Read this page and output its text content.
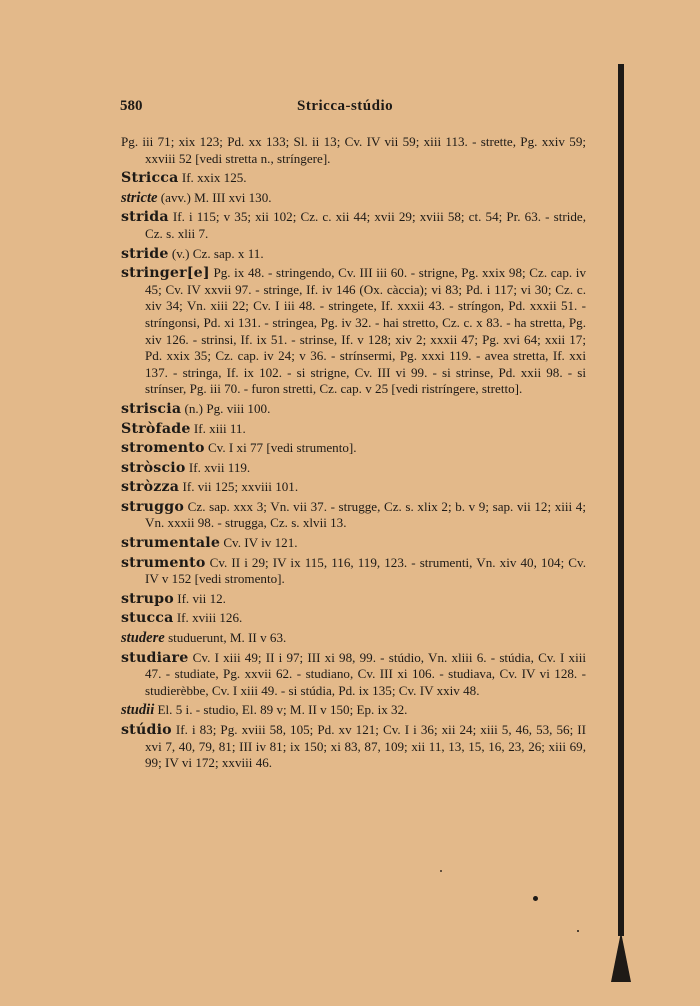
580	Stricca-stúdio

Pg. iii 71; xix 123; Pd. xx 133; Sl. ii 13; Cv. IV vii 59; xiii 113. - strette, Pg. xxiv 59; xxviii 52 [vedi stretta n., stríngere].

Stricca If. xxix 125.

stricte (avv.) M. III xvi 130.

strida If. i 115; v 35; xii 102; Cz. c. xii 44; xvii 29; xviii 58; ct. 54; Pr. 63. - stride, Cz. s. xlii 7.

stride (v.) Cz. sap. x 11.

stringer[e] Pg. ix 48. - stringendo, Cv. III iii 60. - strigne, Pg. xxix 98; Cz. cap. iv 45; Cv. IV xxvii 97. - stringe, If. iv 146 (Ox. càccia); vi 83; Pd. i 117; vi 30; Cz. c. xiv 34; Vn. xiii 22; Cv. I iii 48. - stringete, If. xxxii 43. - stríngon, Pd. xxxii 51. - stríngonsi, Pd. xi 131. - stringea, Pg. iv 32. - hai stretto, Cz. c. x 83. - ha stretta, Pg. xiv 126. - strinsi, If. ix 51. - strinse, If. v 128; xiv 2; xxxii 47; Pg. xvi 64; xxii 17; Pd. xxix 35; Cz. cap. iv 24; v 36. - strínsermi, Pg. xxxi 119. - avea stretta, If. xxi 137. - stringa, If. ix 102. - si strigne, Cv. III vi 99. - si strinse, Pd. xxii 98. - si strínser, Pg. iii 70. - furon stretti, Cz. cap. v 25 [vedi ristríngere, stretto].

striscia (n.) Pg. viii 100.

Stròfade If. xiii 11.

stromento Cv. I xi 77 [vedi strumento].

stròscio If. xvii 119.

stròzza If. vii 125; xxviii 101.

struggo Cz. sap. xxx 3; Vn. vii 37. - strugge, Cz. s. xlix 2; b. v 9; sap. vii 12; xiii 4; Vn. xxxii 98. - strugga, Cz. s. xlvii 13.

strumentale Cv. IV iv 121.

strumento Cv. II i 29; IV ix 115, 116, 119, 123. - strumenti, Vn. xiv 40, 104; Cv. IV v 152 [vedi stromento].

strupo If. vii 12.

stucca If. xviii 126.

studere studuerunt, M. II v 63.

studiare Cv. I xiii 49; II i 97; III xi 98, 99. - stúdio, Vn. xliii 6. - stúdia, Cv. I xiii 47. - studiate, Pg. xxvii 62. - studiano, Cv. III xi 106. - studiava, Cv. IV vi 128. - studierèbbe, Cv. I xiii 49. - si stúdia, Pd. ix 135; Cv. IV xxiv 48.

studii El. 5 i. - studio, El. 89 v; M. II v 150; Ep. ix 32.

stúdio If. i 83; Pg. xviii 58, 105; Pd. xv 121; Cv. I i 36; xii 24; xiii 5, 46, 53, 56; II xvi 7, 40, 79, 81; III iv 81; ix 150; xi 83, 87, 109; xii 11, 13, 15, 16, 23, 26; xiii 69, 99; IV vi 172; xxviii 46.
